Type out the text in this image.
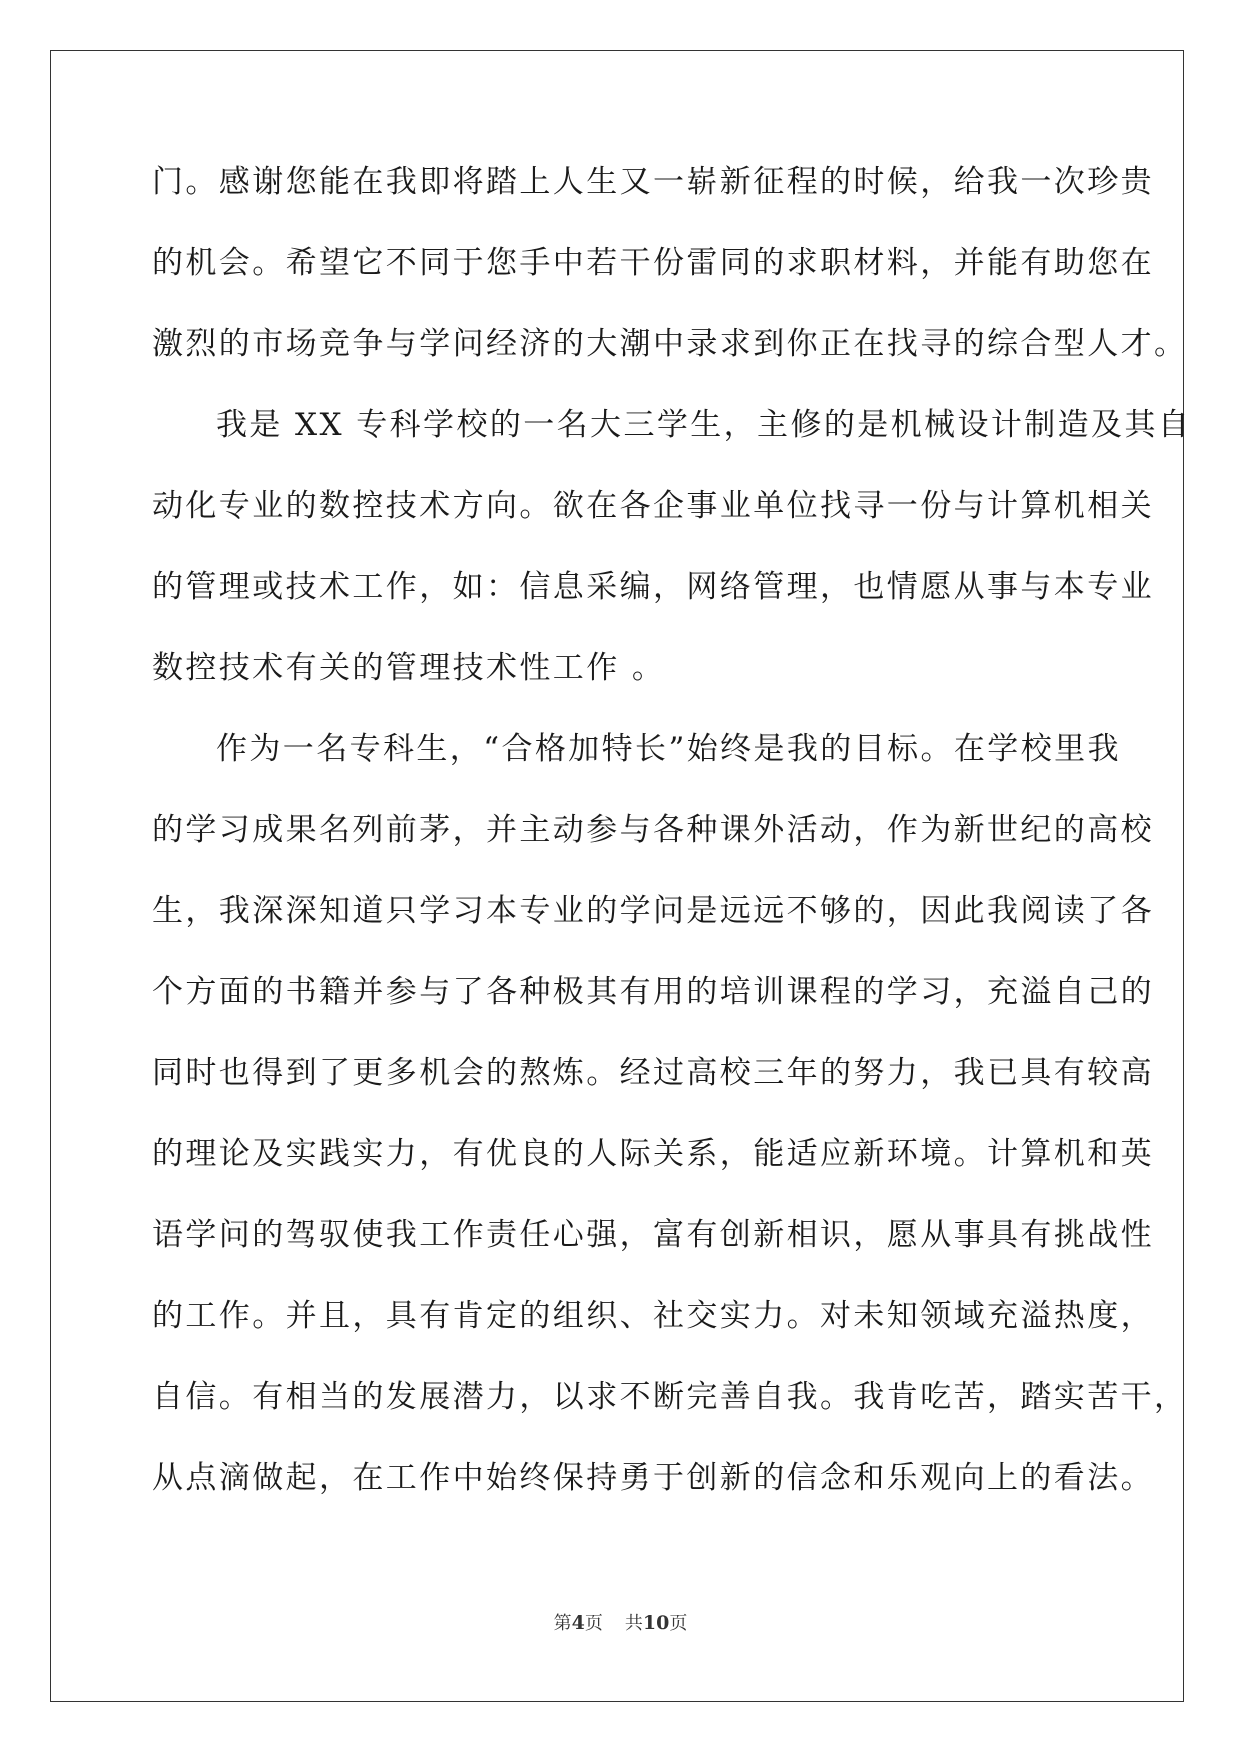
门。感谢您能在我即将踏上人生又一崭新征程的时候，给我一次珍贵
的机会。希望它不同于您手中若干份雷同的求职材料，并能有助您在
激烈的市场竞争与学问经济的大潮中录求到你正在找寻的综合型人才。
我是 XX 专科学校的一名大三学生，主修的是机械设计制造及其自
动化专业的数控技术方向。欲在各企事业单位找寻一份与计算机相关
的管理或技术工作，如：信息采编，网络管理，也情愿从事与本专业
数控技术有关的管理技术性工作 。
作为一名专科生，“合格加特长”始终是我的目标。在学校里我
的学习成果名列前茅，并主动参与各种课外活动，作为新世纪的高校
生，我深深知道只学习本专业的学问是远远不够的，因此我阅读了各
个方面的书籍并参与了各种极其有用的培训课程的学习，充溢自己的
同时也得到了更多机会的熬炼。经过高校三年的努力，我已具有较高
的理论及实践实力，有优良的人际关系，能适应新环境。计算机和英
语学问的驾驭使我工作责任心强，富有创新相识，愿从事具有挑战性
的工作。并且，具有肯定的组织、社交实力。对未知领域充溢热度，
自信。有相当的发展潜力，以求不断完善自我。我肯吃苦，踏实苦干，
从点滴做起，在工作中始终保持勇于创新的信念和乐观向上的看法。
第4页 共10页
